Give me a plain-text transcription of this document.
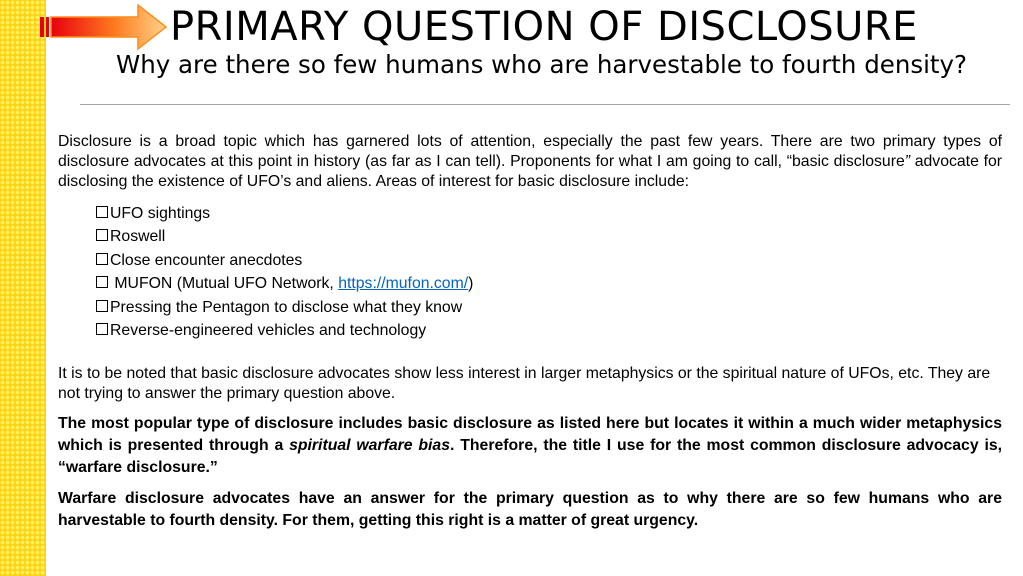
PRIMARY QUESTION OF DISCLOSURE
Why are there so few humans who are harvestable to fourth density?

Disclosure is a broad topic which has garnered lots of attention, especially the past few years. There are two primary types of disclosure advocates at this point in history (as far as I can tell). Proponents for what I am going to call, “basic disclosure” advocate for disclosing the existence of UFO’s and aliens. Areas of interest for basic disclosure include:

UFO sightings
Roswell
Close encounter anecdotes
MUFON (Mutual UFO Network, https://mufon.com/)
Pressing the Pentagon to disclose what they know
Reverse-engineered vehicles and technology

It is to be noted that basic disclosure advocates show less interest in larger metaphysics or the spiritual nature of UFOs, etc. They are not trying to answer the primary question above.

The most popular type of disclosure includes basic disclosure as listed here but locates it within a much wider metaphysics which is presented through a spiritual warfare bias. Therefore, the title I use for the most common disclosure advocacy is, “warfare disclosure.”

Warfare disclosure advocates have an answer for the primary question as to why there are so few humans who are harvestable to fourth density. For them, getting this right is a matter of great urgency.
